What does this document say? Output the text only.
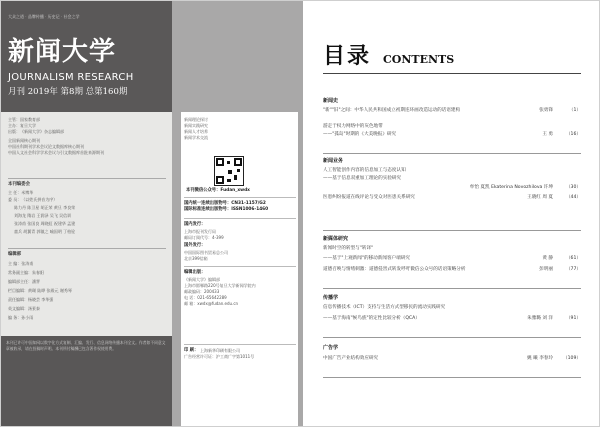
大众之道 · 品牌传播 · 历史记 · 社会之学
新闻大学
JOURNALISM RESEARCH
月刊 2019年 第8期 总第160期
主管：国家教育部
主办：复旦大学
出版：《新闻大学》杂志编辑部
全国新闻核心期刊
中国社科期刊学术会议论文数据库核心期刊
中国人文社会科学学术会议与引文数据库首批来源期刊
本刊编委会
主 任：米博华
委 员：（以姓氏拼音为序）
陈力丹 陈卫星 胡正荣 黄旦 李良荣
刘海龙 隋岩 王润泽 吴飞 吴信训
张涛甫 张国良 周晓虹 祝建华 孟建
童兵 胡翼青 郭镇之 喻国明 丁柏铨
编辑部
主 编：张涛甫
常务副主编：朱春阳
编辑部主任：潘霁
栏目编辑：黄瑚 陆晔 张殿元 谢秀琴
责任编辑：杨晓芸 李华强
英文编辑：汤景泰
编 务：孙小雨
本刊已许可中国知网以数字化方式复制、汇编、发行、信息网络传播本刊全文。作者如不同意文章被收录，请在投稿时声明。本刊所付稿酬已包含著作权使用费。
新闻理论探讨
新闻实践研究
新闻人才培养
新闻学术交流
本刊微信公众号：Fudan_xwdx
国内统一连续出版物号：CN31-1157/G2
国际标准连续出版物号：ISSN1006-1460
国内发行：
上海市报刊发行局
邮局订阅代号：4-399
国外发行：
中国国际图书贸易总公司
北京399信箱
编辑出版：
《新闻大学》编辑部
上海市邯郸路220号复旦大学新闻学院内
邮政编码：200433
电 话：021-65642289
邮 箱：xwdx@fudan.edu.cn
印 刷： 上海新华印刷有限公司
广告经营许可证：沪工商广字第1011号
目录 CONTENTS
新闻史
"新""旧"之间：中华人民共和国成立初期连环画改造运动的话语建构	张勇锋	（1）
游走于权力网络中的灰色地带
——"孤岛"时期的《大美晚报》研究	王 勇	（16）
新闻业务
人工智能创作内容的信息加工与态度认知
——基于信息双重加工理论的实验研究
牟怡 夏凯 Ekaterina Novozhilova 许坤	（30）
医患纠纷报道在线评论与受众对医患关系研究	王晓红 周 夏	（44）
新媒体研究
新闻时空的转型与"转译"
——基于"上观新闻"的移动新闻客户端研究	黄 静	（61）
道德召唤与情绪刺激：道德侵害式转发呼吁微信公众号的话语策略分析	彭明丽	（77）
传播学
信息传播技术（ICT）支持与生活方式型移民的流动实践研究
——基于海南"候鸟族"的定性比较分析（QCA）	朱雅璐 刘 洋	（91）
广告学
中国广告产业结构效应研究	姚 曦 李春玲 （109）
